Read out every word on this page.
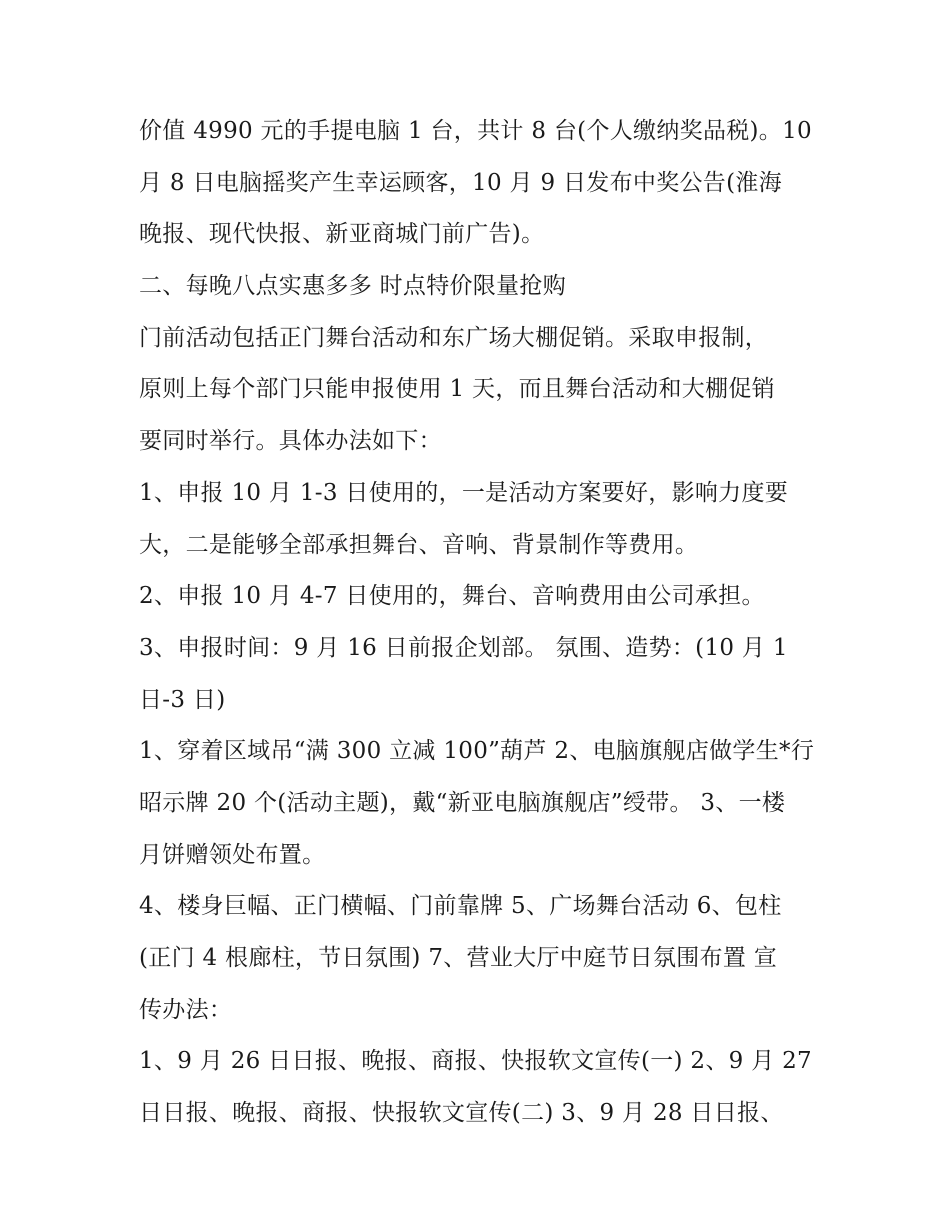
价值 4990 元的手提电脑 1 台，共计 8 台(个人缴纳奖品税)。10
月 8 日电脑摇奖产生幸运顾客，10 月 9 日发布中奖公告(淮海
晚报、现代快报、新亚商城门前广告)。
二、每晚八点实惠多多 时点特价限量抢购
门前活动包括正门舞台活动和东广场大棚促销。采取申报制，
原则上每个部门只能申报使用 1 天，而且舞台活动和大棚促销
要同时举行。具体办法如下：
1、申报 10 月 1-3 日使用的，一是活动方案要好，影响力度要
大，二是能够全部承担舞台、音响、背景制作等费用。
2、申报 10 月 4-7 日使用的，舞台、音响费用由公司承担。
3、申报时间：9 月 16 日前报企划部。 氛围、造势：(10 月 1
日-3 日)
1、穿着区域吊“满 300 立减 100”葫芦 2、电脑旗舰店做学生*行
昭示牌 20 个(活动主题)，戴“新亚电脑旗舰店”绶带。 3、一楼
月饼赠领处布置。
4、楼身巨幅、正门横幅、门前靠牌 5、广场舞台活动 6、包柱
(正门 4 根廊柱，节日氛围) 7、营业大厅中庭节日氛围布置 宣
传办法：
1、9 月 26 日日报、晚报、商报、快报软文宣传(一) 2、9 月 27
日日报、晚报、商报、快报软文宣传(二) 3、9 月 28 日日报、
